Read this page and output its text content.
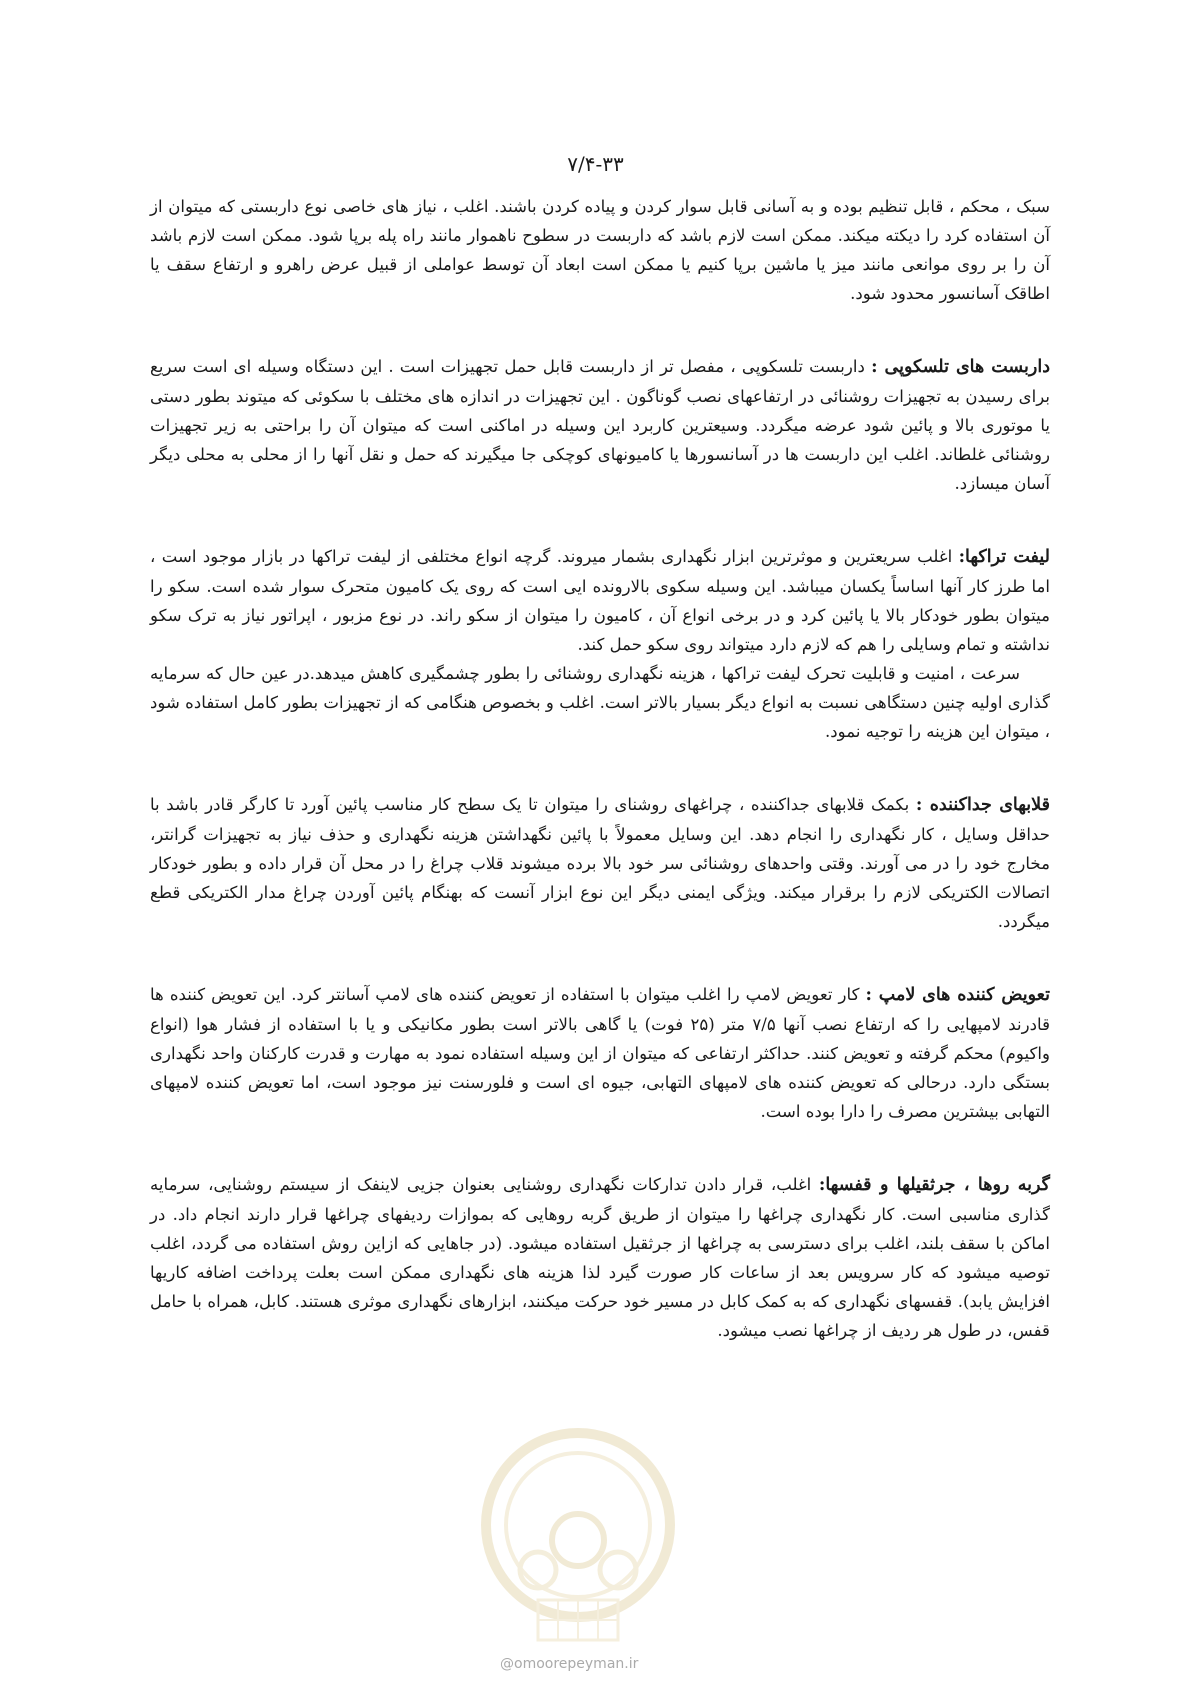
۷/۴-۳۳

سبک ، محکم ، قابل تنظیم بوده و به آسانی قابل سوار کردن و پیاده کردن باشند. اغلب ، نیاز های خاصی نوع داربستی که میتوان از آن استفاده کرد را دیکته میکند. ممکن است لازم باشد که داربست در سطوح ناهموار مانند راه پله برپا شود. ممکن است لازم باشد آن را بر روی موانعی مانند میز یا ماشین برپا کنیم یا ممکن است ابعاد آن توسط عواملی از قبیل عرض راهرو و ارتفاع سقف یا اطاقک آسانسور محدود شود.

داربست های تلسکوپی : داربست تلسکوپی ، مفصل تر از داربست قابل حمل تجهیزات است . این دستگاه وسیله ای است سریع برای رسیدن به تجهیزات روشنائی در ارتفاعهای نصب گوناگون . این تجهیزات در اندازه های مختلف با سکوئی که میتوند بطور دستی یا موتوری بالا و پائین شود عرضه میگردد. وسیعترین کاربرد این وسیله در اماکنی است که میتوان آن را براحتی به زیر تجهیزات روشنائی غلطاند. اغلب این داربست ها در آسانسورها یا کامیونهای کوچکی جا میگیرند که حمل و نقل آنها را از محلی به محلی دیگر آسان میسازد.

لیفت تراکها: اغلب سریعترین و موثرترین ابزار نگهداری بشمار میروند. گرچه انواع مختلفی از لیفت تراکها در بازار موجود است ، اما طرز کار آنها اساساً یکسان میباشد. این وسیله سکوی بالارونده ایی است که روی یک کامیون متحرک سوار شده است. سکو را میتوان بطور خودکار بالا یا پائین کرد و در برخی انواع آن ، کامیون را میتوان از سکو راند. در نوع مزبور ، اپراتور نیاز به ترک سکو نداشته و تمام وسایلی را هم که لازم دارد میتواند روی سکو حمل کند.
سرعت ، امنیت و قابلیت تحرک لیفت تراکها ، هزینه نگهداری روشنائی را بطور چشمگیری کاهش میدهد.در عین حال که سرمایه گذاری اولیه چنین دستگاهی نسبت به انواع دیگر بسیار بالاتر است. اغلب و بخصوص هنگامی که از تجهیزات بطور کامل استفاده شود ، میتوان این هزینه را توجیه نمود.

قلابهای جداکننده : بکمک قلابهای جداکننده ، چراغهای روشنای را میتوان تا یک سطح کار مناسب پائین آورد تا کارگر قادر باشد با حداقل وسایل ، کار نگهداری را انجام دهد. این وسایل معمولاً با پائین نگهداشتن هزینه نگهداری و حذف نیاز به تجهیزات گرانتر، مخارج خود را در می آورند. وقتی واحدهای روشنائی سر خود بالا برده میشوند قلاب چراغ را در محل آن قرار داده و بطور خودکار اتصالات الکتریکی لازم را برقرار میکند. ویژگی ایمنی دیگر این نوع ابزار آنست که بهنگام پائین آوردن چراغ مدار الکتریکی قطع میگردد.

تعویض کننده های لامپ : کار تعویض لامپ را اغلب میتوان با استفاده از تعویض کننده های لامپ آسانتر کرد. این تعویض کننده ها قادرند لامپهایی را که ارتفاع نصب آنها ۷/۵ متر (۲۵ فوت) یا گاهی بالاتر است بطور مکانیکی و یا با استفاده از فشار هوا (انواع واکیوم) محکم گرفته و تعویض کنند. حداکثر ارتفاعی که میتوان از این وسیله استفاده نمود به مهارت و قدرت کارکنان واحد نگهداری بستگی دارد. درحالی که تعویض کننده های لامپهای التهابی، جیوه ای است و فلورسنت نیز موجود است، اما تعویض کننده لامپهای التهابی بیشترین مصرف را دارا بوده است.

گربه روها ، جرثقیلها و قفسها: اغلب، قرار دادن تدارکات نگهداری روشنایی بعنوان جزیی لاینفک از سیستم روشنایی، سرمایه گذاری مناسبی است. کار نگهداری چراغها را میتوان از طریق گربه روهایی که بموازات ردیفهای چراغها قرار دارند انجام داد. در اماکن با سقف بلند، اغلب برای دسترسی به چراغها از جرثقیل استفاده میشود. (در جاهایی که ازاین روش استفاده می گردد، اغلب توصیه میشود که کار سرویس بعد از ساعات کار صورت گیرد لذا هزینه های نگهداری ممکن است بعلت پرداخت اضافه کاریها افزایش یابد). قفسهای نگهداری که به کمک کابل در مسیر خود حرکت میکنند، ابزارهای نگهداری موثری هستند. کابل، همراه با حامل قفس، در طول هر ردیف از چراغها نصب میشود.

@omoorepeyman.ir
